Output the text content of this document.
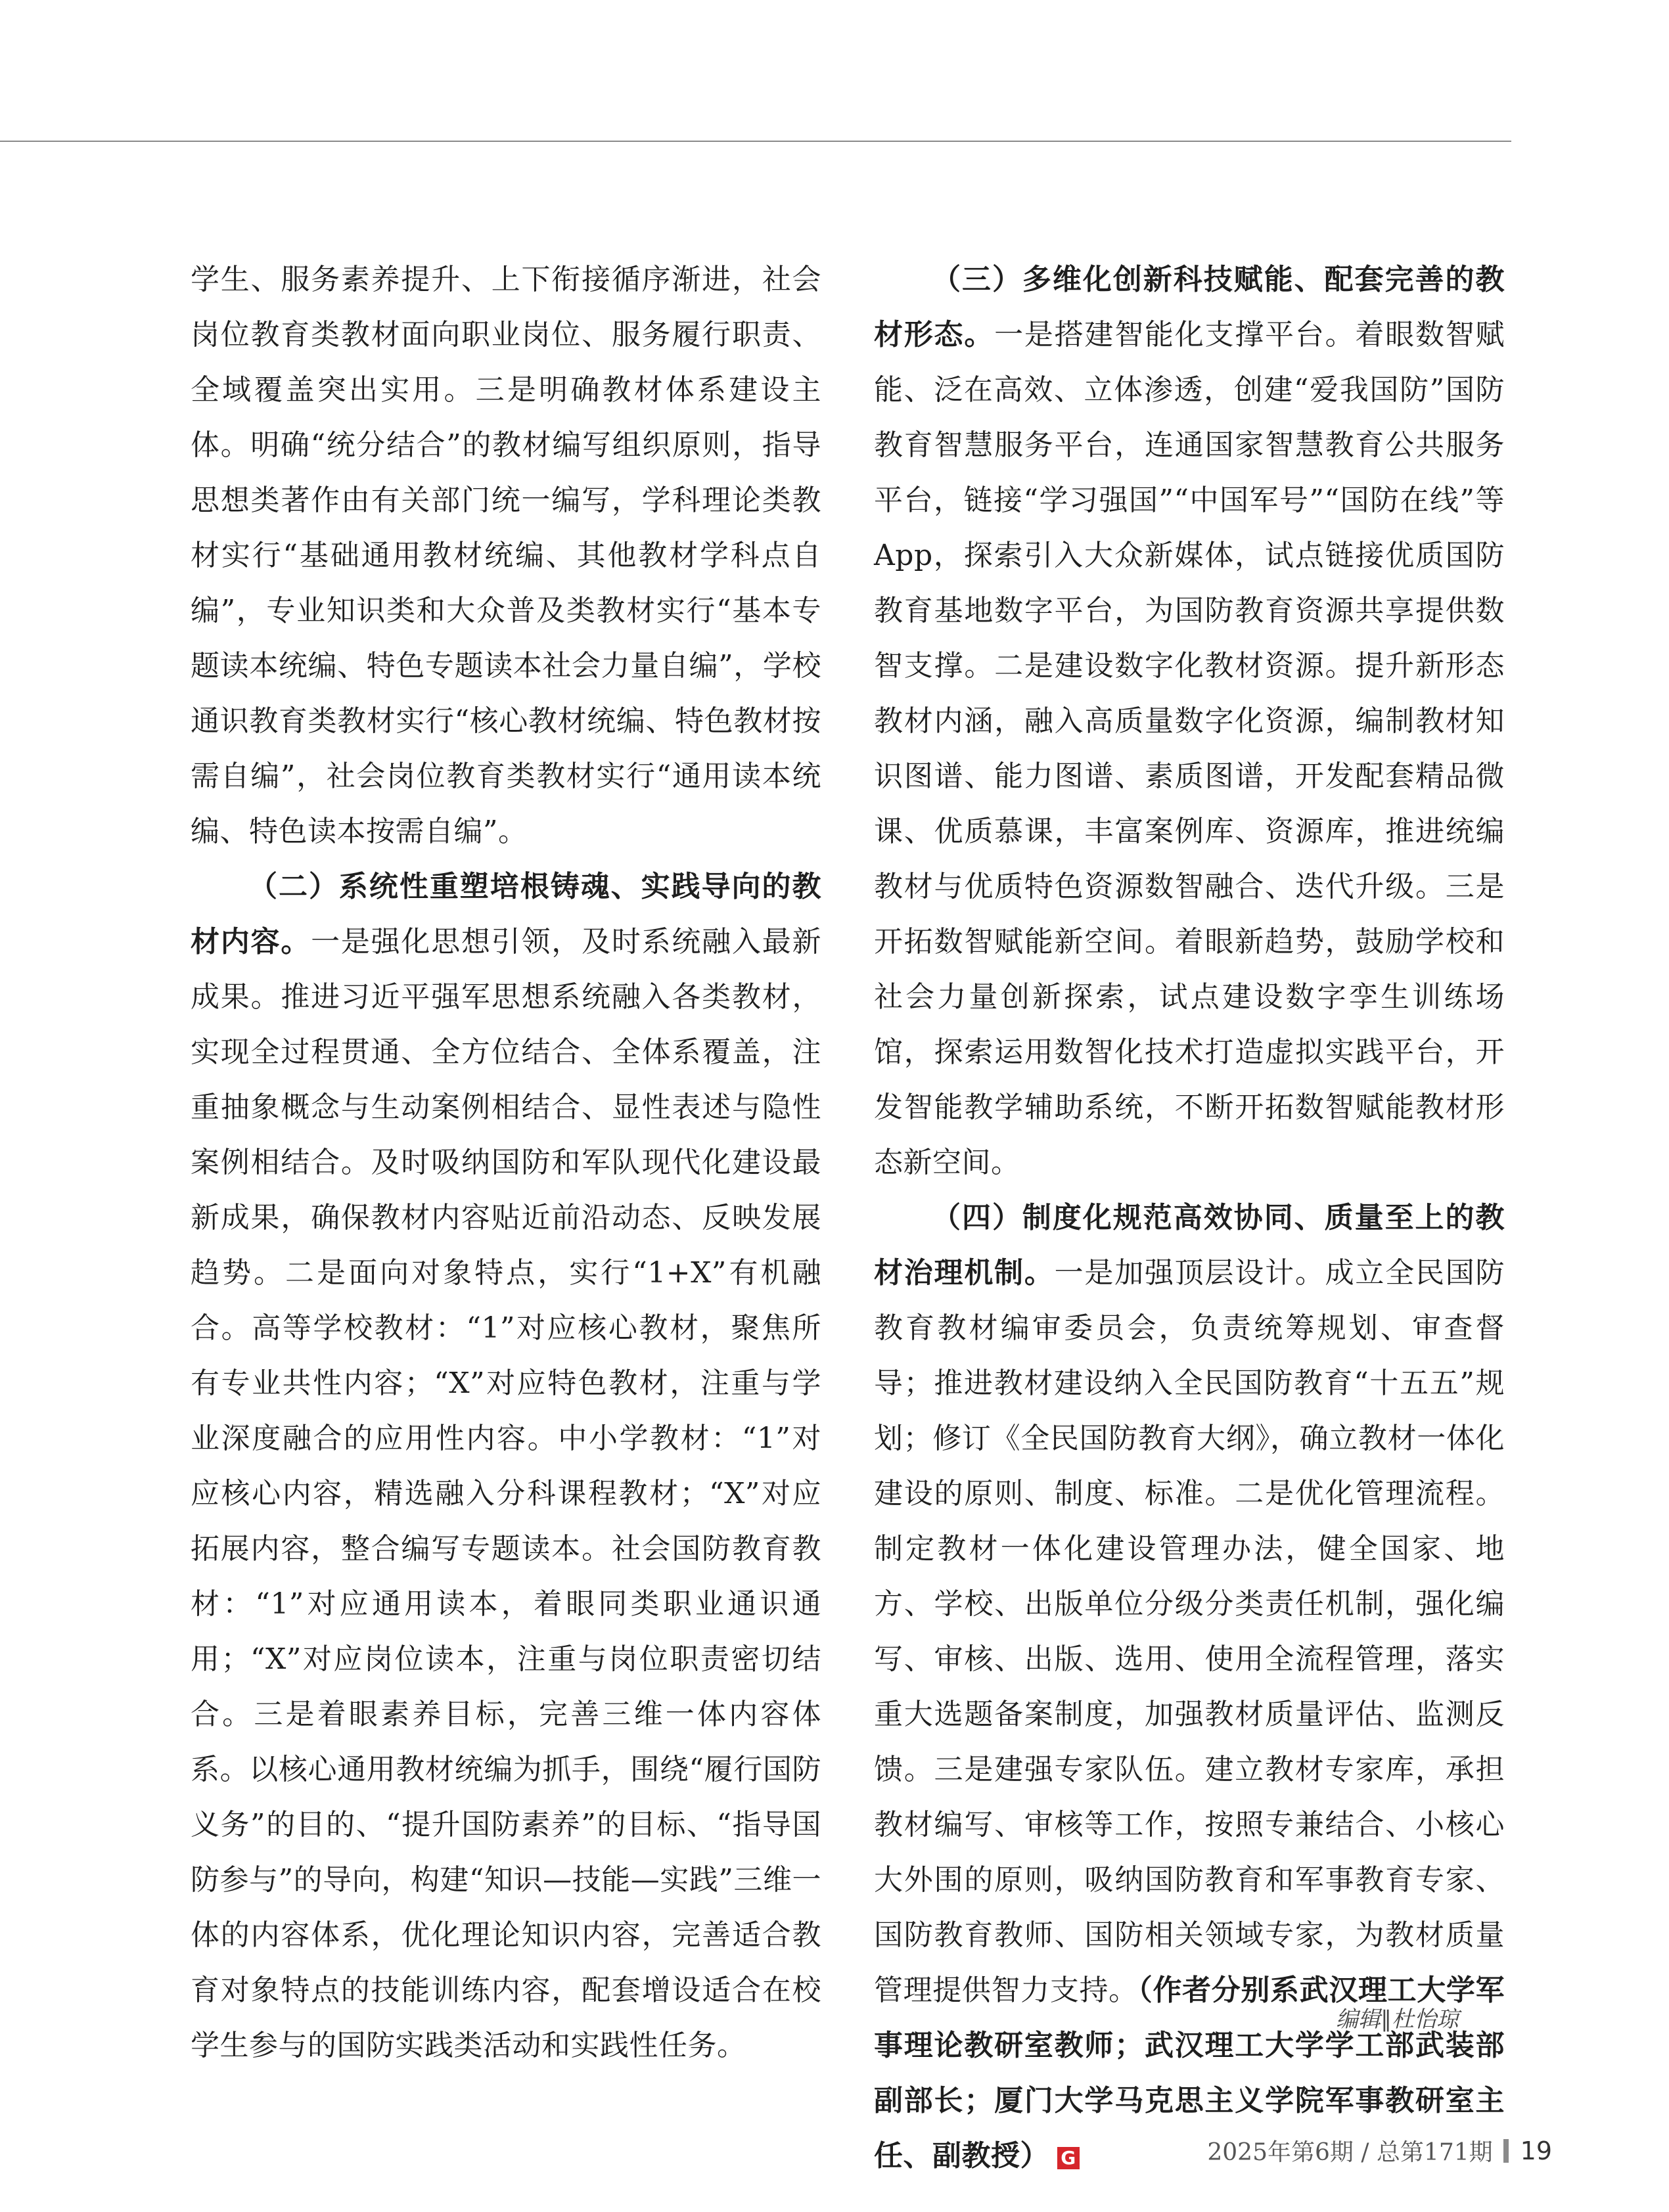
学生、服务素养提升、上下衔接循序渐进，社会岗位教育类教材面向职业岗位、服务履行职责、全域覆盖突出实用。三是明确教材体系建设主体。明确“统分结合”的教材编写组织原则，指导思想类著作由有关部门统一编写，学科理论类教材实行“基础通用教材统编、其他教材学科点自编”，专业知识类和大众普及类教材实行“基本专题读本统编、特色专题读本社会力量自编”，学校通识教育类教材实行“核心教材统编、特色教材按需自编”，社会岗位教育类教材实行“通用读本统编、特色读本按需自编”。

（二）系统性重塑培根铸魂、实践导向的教材内容。一是强化思想引领，及时系统融入最新成果。推进习近平强军思想系统融入各类教材，实现全过程贯通、全方位结合、全体系覆盖，注重抽象概念与生动案例相结合、显性表述与隐性案例相结合。及时吸纳国防和军队现代化建设最新成果，确保教材内容贴近前沿动态、反映发展趋势。二是面向对象特点，实行“1+X”有机融合。高等学校教材：“1”对应核心教材，聚焦所有专业共性内容；“X”对应特色教材，注重与学业深度融合的应用性内容。中小学教材：“1”对应核心内容，精选融入分科课程教材；“X”对应拓展内容，整合编写专题读本。社会国防教育教材：“1”对应通用读本，着眼同类职业通识通用；“X”对应岗位读本，注重与岗位职责密切结合。三是着眼素养目标，完善三维一体内容体系。以核心通用教材统编为抓手，围绕“履行国防义务”的目的、“提升国防素养”的目标、“指导国防参与”的导向，构建“知识—技能—实践”三维一体的内容体系，优化理论知识内容，完善适合教育对象特点的技能训练内容，配套增设适合在校学生参与的国防实践类活动和实践性任务。

（三）多维化创新科技赋能、配套完善的教材形态。一是搭建智能化支撑平台。着眼数智赋能、泛在高效、立体渗透，创建“爱我国防”国防教育智慧服务平台，连通国家智慧教育公共服务平台，链接“学习强国”“中国军号”“国防在线”等App，探索引入大众新媒体，试点链接优质国防教育基地数字平台，为国防教育资源共享提供数智支撑。二是建设数字化教材资源。提升新形态教材内涵，融入高质量数字化资源，编制教材知识图谱、能力图谱、素质图谱，开发配套精品微课、优质慕课，丰富案例库、资源库，推进统编教材与优质特色资源数智融合、迭代升级。三是开拓数智赋能新空间。着眼新趋势，鼓励学校和社会力量创新探索，试点建设数字孪生训练场馆，探索运用数智化技术打造虚拟实践平台，开发智能教学辅助系统，不断开拓数智赋能教材形态新空间。

（四）制度化规范高效协同、质量至上的教材治理机制。一是加强顶层设计。成立全民国防教育教材编审委员会，负责统筹规划、审查督导；推进教材建设纳入全民国防教育“十五五”规划；修订《全民国防教育大纲》，确立教材一体化建设的原则、制度、标准。二是优化管理流程。制定教材一体化建设管理办法，健全国家、地方、学校、出版单位分级分类责任机制，强化编写、审核、出版、选用、使用全流程管理，落实重大选题备案制度，加强教材质量评估、监测反馈。三是建强专家队伍。建立教材专家库，承担教材编写、审核等工作，按照专兼结合、小核心大外围的原则，吸纳国防教育和军事教育专家、国防教育教师、国防相关领域专家，为教材质量管理提供智力支持。（作者分别系武汉理工大学军事理论教研室教师；武汉理工大学学工部武装部副部长；厦门大学马克思主义学院军事教研室主任、副教授） G

编辑∥杜怡琼
2025年第6期 / 总第171期 19
